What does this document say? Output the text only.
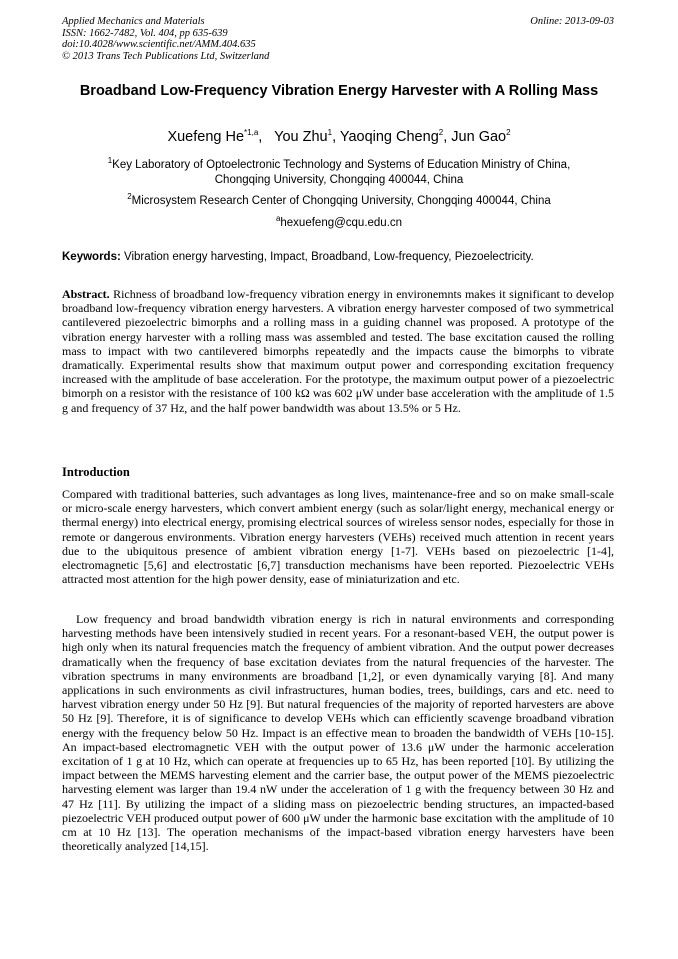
Applied Mechanics and Materials
ISSN: 1662-7482, Vol. 404, pp 635-639
doi:10.4028/www.scientific.net/AMM.404.635
© 2013 Trans Tech Publications Ltd, Switzerland
Online: 2013-09-03
Broadband Low-Frequency Vibration Energy Harvester with A Rolling Mass
Xuefeng He$^{*1,a}$,   You Zhu$^1$, Yaoqing Cheng$^2$, Jun Gao$^2$
$^1$Key Laboratory of Optoelectronic Technology and Systems of Education Ministry of China,
Chongqing University, Chongqing 400044, China
$^2$Microsystem Research Center of Chongqing University, Chongqing 400044, China
$^a$hexuefeng@cqu.edu.cn
Keywords: Vibration energy harvesting, Impact, Broadband, Low-frequency, Piezoelectricity.
Abstract. Richness of broadband low-frequency vibration energy in environemnts makes it significant to develop broadband low-frequency vibration energy harvesters. A vibration energy harvester composed of two symmetrical cantilevered piezoelectric bimorphs and a rolling mass in a guiding channel was proposed. A prototype of the vibration energy harvester with a rolling mass was assembled and tested. The base excitation caused the rolling mass to impact with two cantilevered bimorphs repeatedly and the impacts cause the bimorphs to vibrate dramatically. Experimental results show that maximum output power and corresponding excitation frequency increased with the amplitude of base acceleration. For the prototype, the maximum output power of a piezoelectric bimorph on a resistor with the resistance of 100 kΩ was 602 μW under base acceleration with the amplitude of 1.5 g and frequency of 37 Hz, and the half power bandwidth was about 13.5% or 5 Hz.
Introduction
Compared with traditional batteries, such advantages as long lives, maintenance-free and so on make small-scale or micro-scale energy harvesters, which convert ambient energy (such as solar/light energy, mechanical energy or thermal energy) into electrical energy, promising electrical sources of wireless sensor nodes, especially for those in remote or dangerous environments. Vibration energy harvesters (VEHs) received much attention in recent years due to the ubiquitous presence of ambient vibration energy [1-7]. VEHs based on piezoelectric [1-4], electromagnetic [5,6] and electrostatic [6,7] transduction mechanisms have been reported. Piezoelectric VEHs attracted most attention for the high power density, ease of miniaturization and etc.
Low frequency and broad bandwidth vibration energy is rich in natural environments and corresponding harvesting methods have been intensively studied in recent years. For a resonant-based VEH, the output power is high only when its natural frequencies match the frequency of ambient vibration. And the output power decreases dramatically when the frequency of base excitation deviates from the natural frequencies of the harvester. The vibration spectrums in many environments are broadband [1,2], or even dynamically varying [8]. And many applications in such environments as civil infrastructures, human bodies, trees, buildings, cars and etc. need to harvest vibration energy under 50 Hz [9]. But natural frequencies of the majority of reported harvesters are above 50 Hz [9]. Therefore, it is of significance to develop VEHs which can efficiently scavenge broadband vibration energy with the frequency below 50 Hz. Impact is an effective mean to broaden the bandwidth of VEHs [10-15]. An impact-based electromagnetic VEH with the output power of 13.6 μW under the harmonic acceleration excitation of 1 g at 10 Hz, which can operate at frequencies up to 65 Hz, has been reported [10]. By utilizing the impact between the MEMS harvesting element and the carrier base, the output power of the MEMS piezoelectric harvesting element was larger than 19.4 nW under the acceleration of 1 g with the frequency between 30 Hz and 47 Hz [11]. By utilizing the impact of a sliding mass on piezoelectric bending structures, an impacted-based piezoelectric VEH produced output power of 600 μW under the harmonic base excitation with the amplitude of 10 cm at 10 Hz [13]. The operation mechanisms of the impact-based vibration energy harvesters have been theoretically analyzed [14,15].
